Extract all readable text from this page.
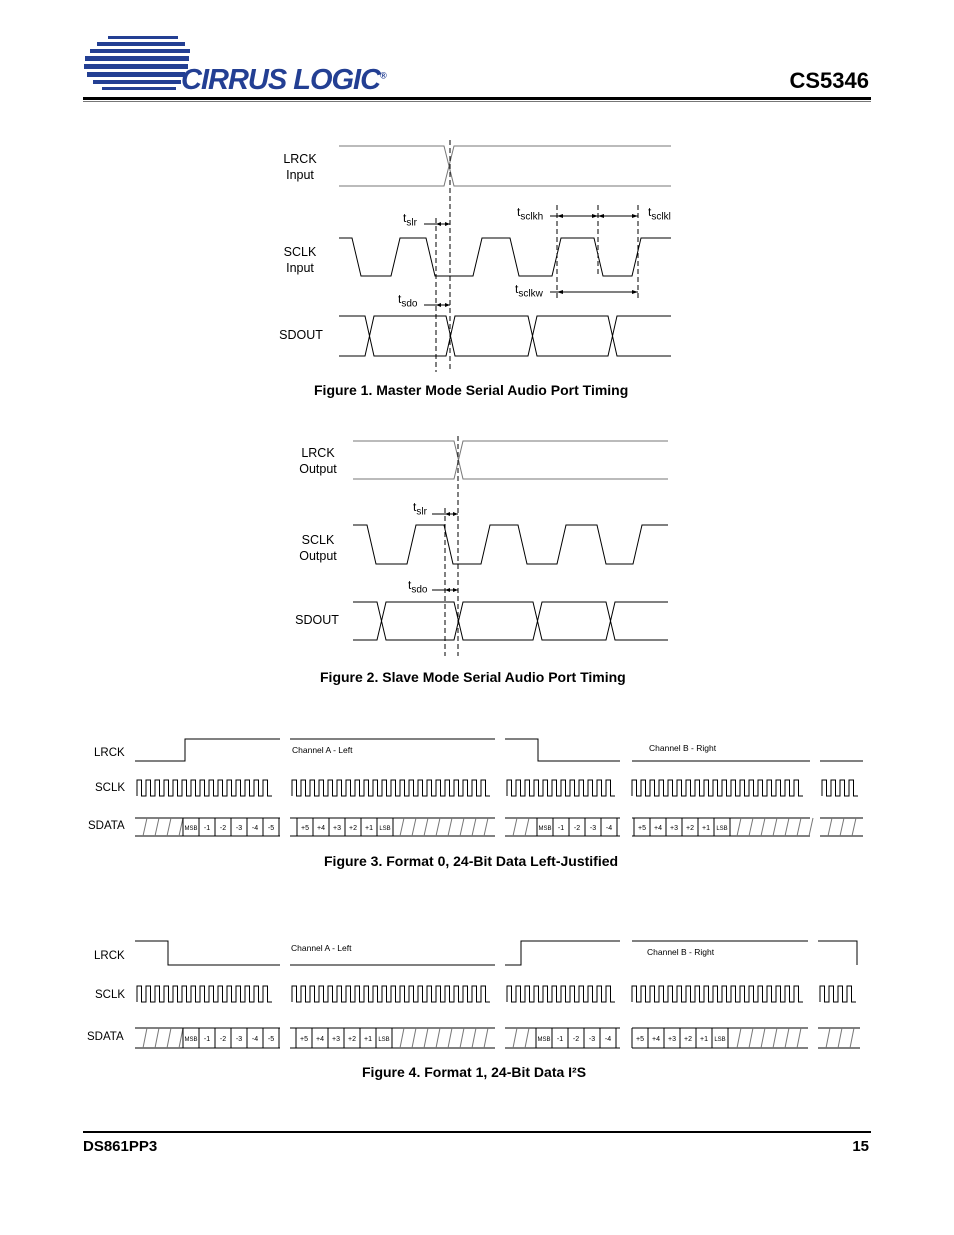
CIRRUS LOGIC®	CS5346
LRCK
Input
SCLK
Input
SDOUT
$t_{slr}$
$t_{sclkh}$	$t_{sclkl}$
$t_{sdo}$
$t_{sclkw}$
Figure 1. Master Mode Serial Audio Port Timing
LRCK
Output
SCLK
Output
SDOUT
$t_{slr}$
$t_{sdo}$
Figure 2. Slave Mode Serial Audio Port Timing
LRCK
SCLK
SDATA	MSB -1 -2 -3 -4 -5	+5 +4 +3 +2 +1 LSB	MSB -1 -2 -3 -4	+5 +4 +3 +2 +1 LSB
Channel A - Left	Channel B - Right
Figure 3. Format 0, 24-Bit Data Left-Justified
LRCK
SCLK
SDATA	MSB -1 -2 -3 -4 -5	+5 +4 +3 +2 +1 LSB	MSB -1 -2 -3 -4	+5 +4 +3 +2 +1 LSB
Channel A - Left	Channel B - Right
Figure 4. Format 1, 24-Bit Data I²S
DS861PP3	15
